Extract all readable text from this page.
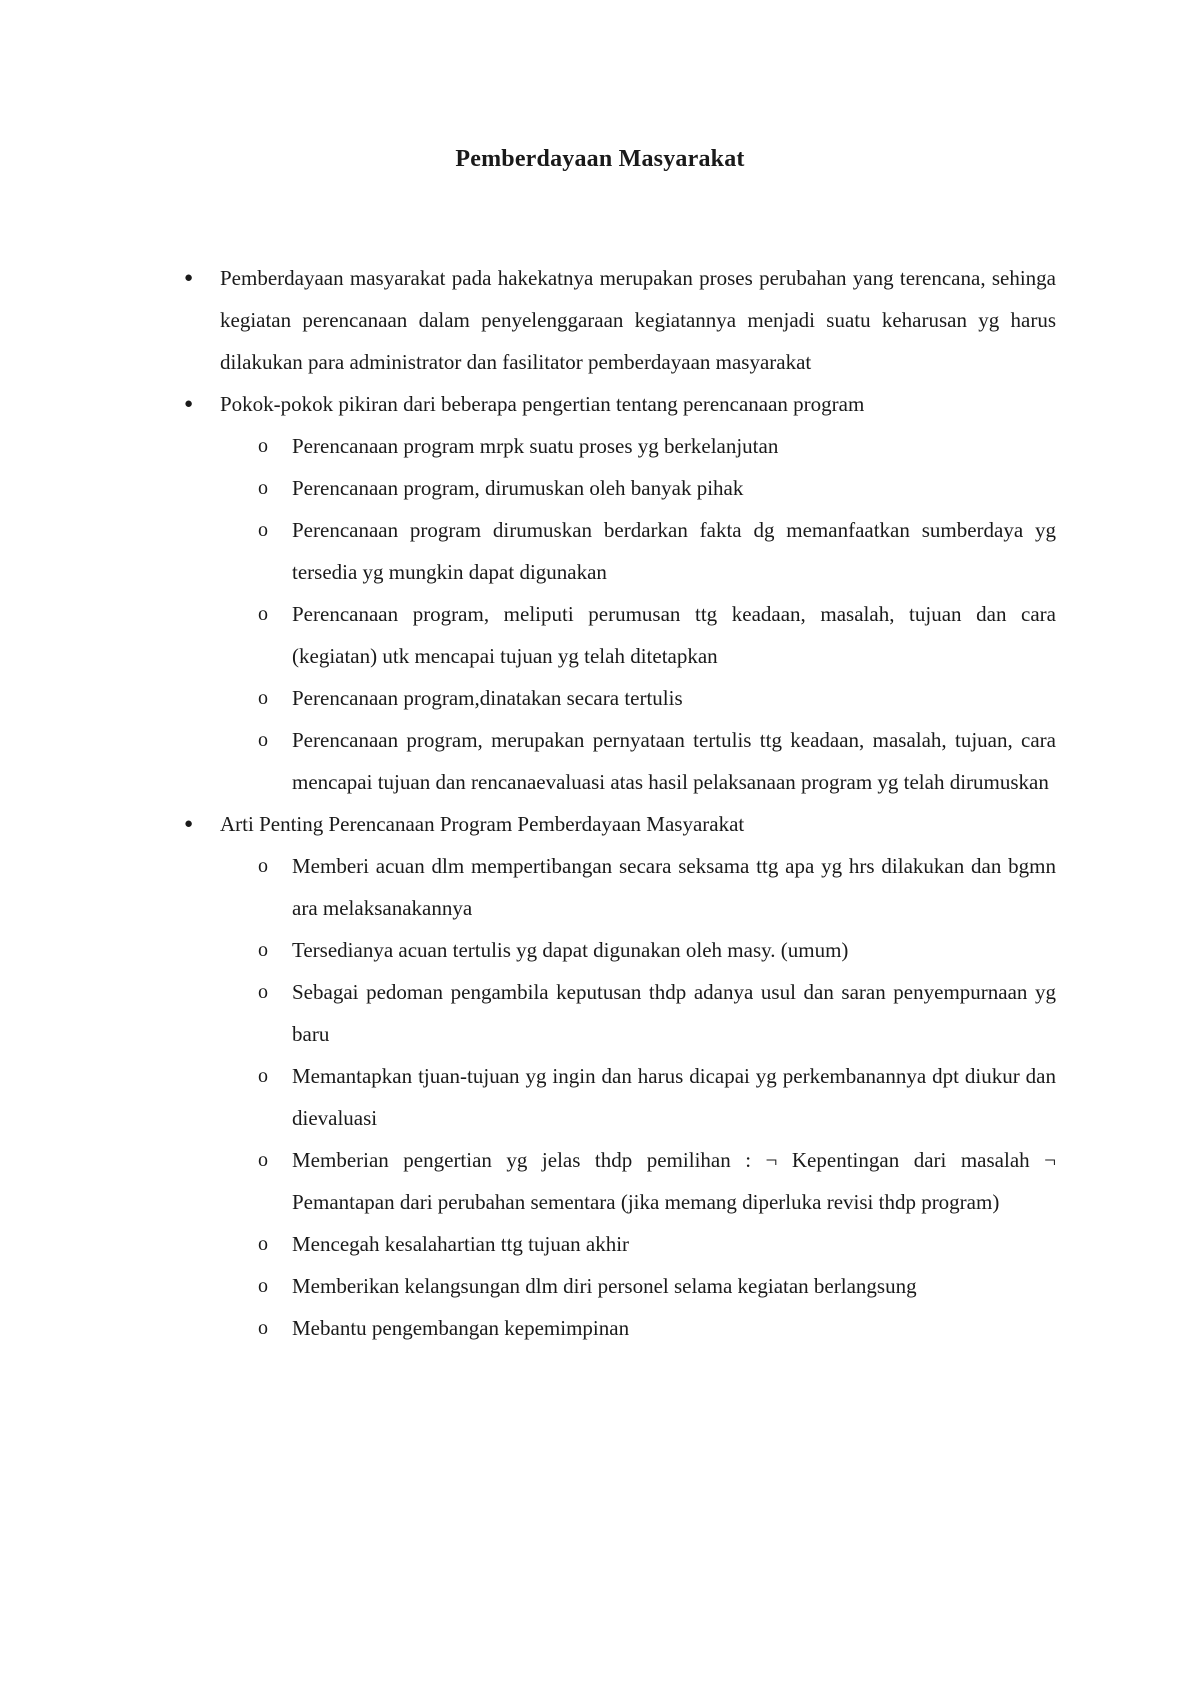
Pemberdayaan Masyarakat
●	Pemberdayaan masyarakat pada hakekatnya merupakan proses perubahan yang terencana, sehinga kegiatan perencanaan dalam penyelenggaraan kegiatannya menjadi suatu keharusan yg harus dilakukan para administrator dan fasilitator pemberdayaan masyarakat
●	Pokok-pokok pikiran dari beberapa pengertian tentang perencanaan program
o Perencanaan program mrpk suatu proses yg berkelanjutan
o Perencanaan program, dirumuskan oleh banyak pihak
o Perencanaan program dirumuskan berdarkan fakta dg memanfaatkan sumberdaya yg tersedia yg mungkin dapat digunakan
o Perencanaan program, meliputi perumusan ttg keadaan, masalah, tujuan dan cara (kegiatan) utk mencapai tujuan yg telah ditetapkan
o Perencanaan program,dinatakan secara tertulis
o Perencanaan program, merupakan pernyataan tertulis ttg keadaan, masalah, tujuan, cara mencapai tujuan dan rencanaevaluasi atas hasil pelaksanaan program yg telah dirumuskan
●	Arti Penting Perencanaan Program Pemberdayaan Masyarakat
o Memberi acuan dlm mempertibangan secara seksama ttg apa yg hrs dilakukan dan bgmn ara melaksanakannya
o Tersedianya acuan tertulis yg dapat digunakan oleh masy. (umum)
o Sebagai pedoman pengambila keputusan thdp adanya usul dan saran penyempurnaan yg baru
o Memantapkan tjuan-tujuan yg ingin dan harus dicapai yg perkembanannya dpt diukur dan dievaluasi
o Memberian pengertian yg jelas thdp pemilihan : ¬ Kepentingan dari masalah ¬ Pemantapan dari perubahan sementara (jika memang diperluka revisi thdp program)
o Mencegah kesalahartian ttg tujuan akhir
o Memberikan kelangsungan dlm diri personel selama kegiatan berlangsung
o Mebantu pengembangan kepemimpinan
